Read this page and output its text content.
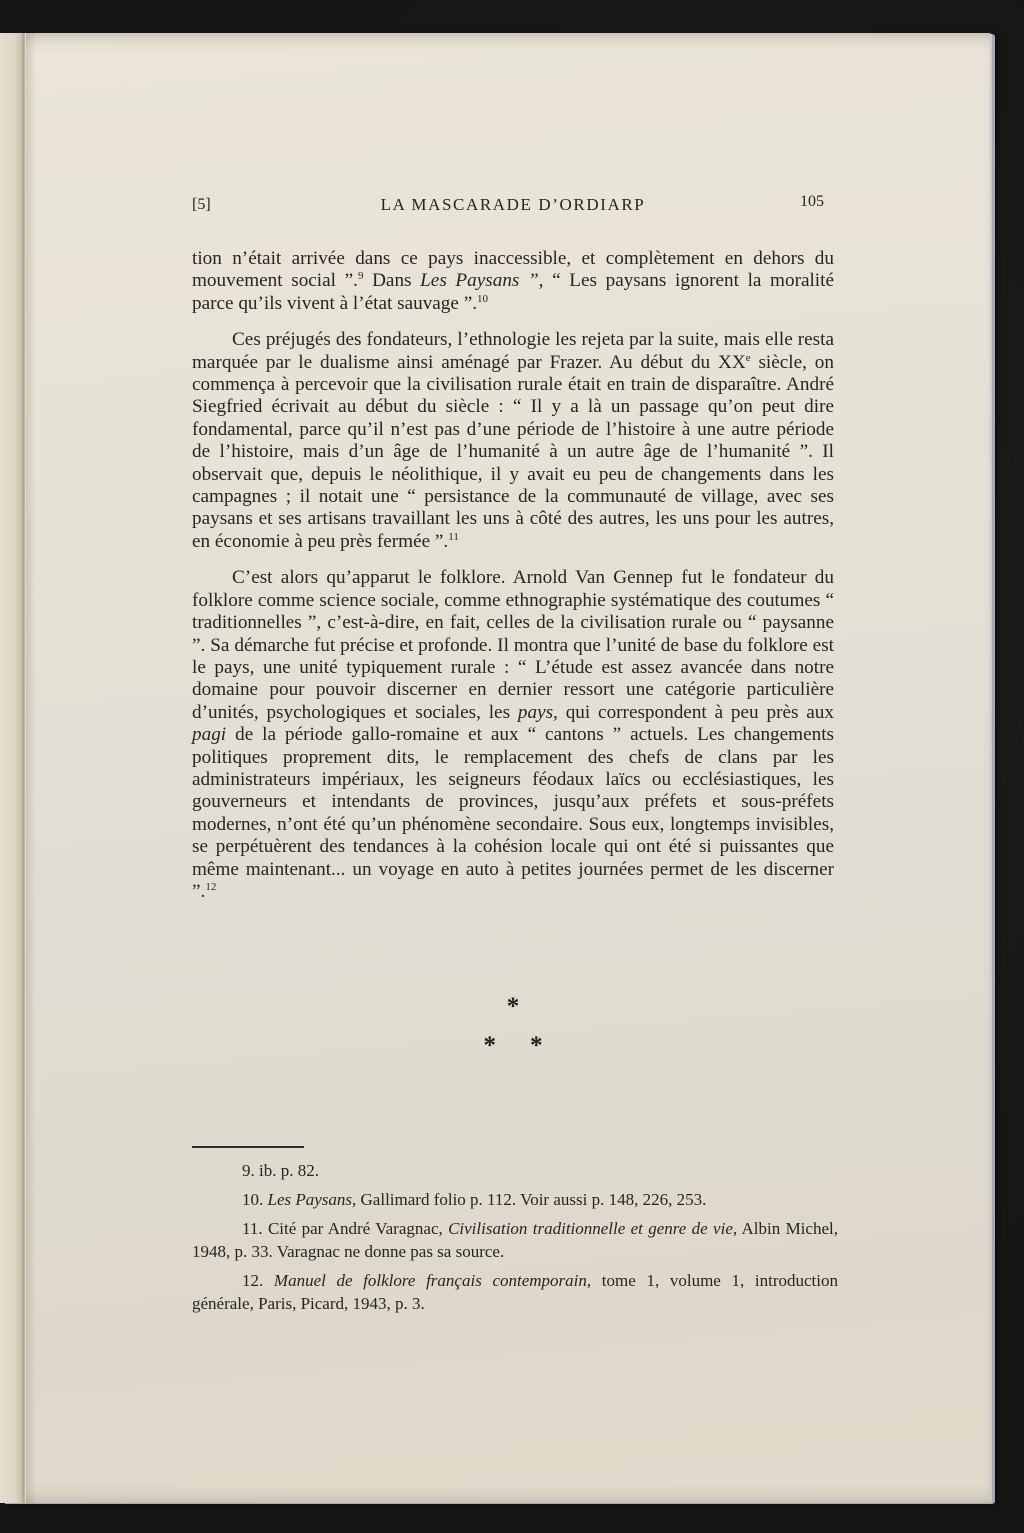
[5]	LA MASCARADE D’ORDIARP	105

tion n’était arrivée dans ce pays inaccessible, et complètement en dehors du mouvement social ”.$^9$ Dans Les Paysans ”, “ Les paysans ignorent la moralité parce qu’ils vivent à l’état sauvage ”.$^{10}$

Ces préjugés des fondateurs, l’ethnologie les rejeta par la suite, mais elle resta marquée par le dualisme ainsi aménagé par Frazer. Au début du XXe siècle, on commença à percevoir que la civilisation rurale était en train de disparaître. André Siegfried écrivait au début du siècle : “ Il y a là un passage qu’on peut dire fondamental, parce qu’il n’est pas d’une période de l’histoire à une autre période de l’histoire, mais d’un âge de l’humanité à un autre âge de l’humanité ”. Il observait que, depuis le néolithique, il y avait eu peu de changements dans les campagnes ; il notait une “ persistance de la communauté de village, avec ses paysans et ses artisans travaillant les uns à côté des autres, les uns pour les autres, en économie à peu près fermée ”.$^{11}$

C’est alors qu’apparut le folklore. Arnold Van Gennep fut le fondateur du folklore comme science sociale, comme ethnographie systématique des coutumes “ traditionnelles ”, c’est-à-dire, en fait, celles de la civilisation rurale ou “ paysanne ”. Sa démarche fut précise et profonde. Il montra que l’unité de base du folklore est le pays, une unité typiquement rurale : “ L’étude est assez avancée dans notre domaine pour pouvoir discerner en dernier ressort une catégorie particulière d’unités, psychologiques et sociales, les pays, qui correspondent à peu près aux pagi de la période gallo-romaine et aux “ cantons ” actuels. Les changements politiques proprement dits, le remplacement des chefs de clans par les administrateurs impériaux, les seigneurs féodaux laïcs ou ecclésiastiques, les gouverneurs et intendants de provinces, jusqu’aux préfets et sous-préfets modernes, n’ont été qu’un phénomène secondaire. Sous eux, longtemps invisibles, se perpétuèrent des tendances à la cohésion locale qui ont été si puissantes que même maintenant... un voyage en auto à petites journées permet de les discerner ”.$^{12}$

*
* *

9. ib. p. 82.

10. Les Paysans, Gallimard folio p. 112. Voir aussi p. 148, 226, 253.

11. Cité par André Varagnac, Civilisation traditionnelle et genre de vie, Albin Michel, 1948, p. 33. Varagnac ne donne pas sa source.

12. Manuel de folklore français contemporain, tome 1, volume 1, introduction générale, Paris, Picard, 1943, p. 3.
